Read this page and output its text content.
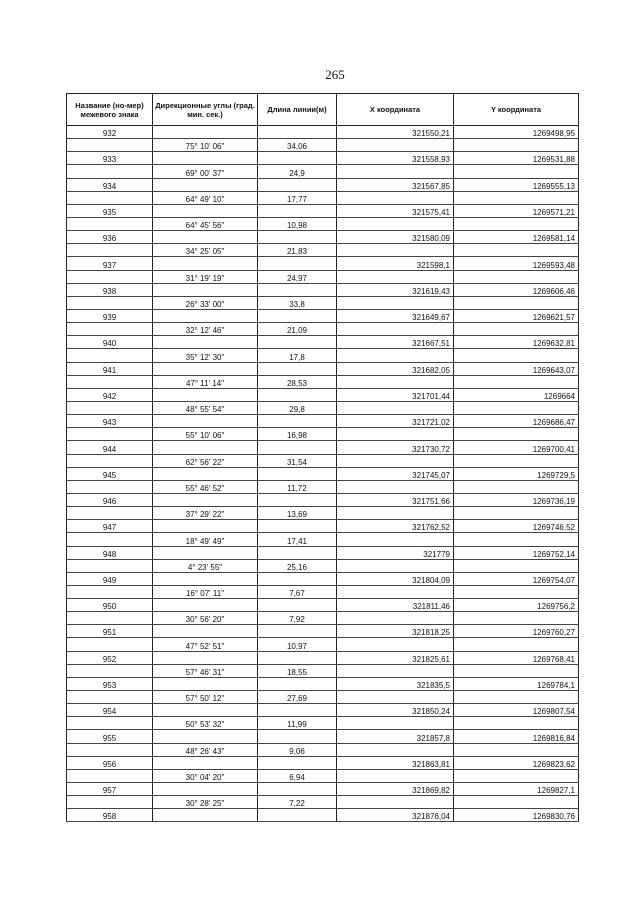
265
Название (но-мер) межевого знака	Дирекционные углы (град. мин. сек.)	Длина линии(м)	X координата	Y координата
932			321550,21	1269498,95
	75° 10' 06"	34,06		
933			321558,93	1269531,88
	69° 00' 37"	24,9		
934			321567,85	1269555,13
	64° 49' 10"	17,77		
935			321575,41	1269571,21
	64° 45' 56"	10,98		
936			321580,09	1269581,14
	34° 25' 05"	21,83		
937			321598,1	1269593,48
	31° 19' 19"	24,97		
938			321619,43	1269606,46
	26° 33' 00"	33,8		
939			321649,67	1269621,57
	32° 12' 46"	21,09		
940			321667,51	1269632,81
	35° 12' 30"	17,8		
941			321682,05	1269643,07
	47° 11' 14"	28,53		
942			321701,44	1269664
	48° 55' 54"	29,8		
943			321721,02	1269686,47
	55° 10' 06"	16,98		
944			321730,72	1269700,41
	62° 56' 22"	31,54		
945			321745,07	1269729,5
	55° 46' 52"	11,72		
946			321751,66	1269736,19
	37° 29' 22"	13,69		
947			321762,52	1269746,52
	18° 49' 49"	17,41		
948			321779	1269752,14
	4° 23' 55"	25,16		
949			321804,09	1269754,07
	16° 07' 11"	7,67		
950			321811,46	1269756,2
	30° 56' 20"	7,92		
951			321818,25	1269760,27
	47° 52' 51"	10,97		
952			321825,61	1269768,41
	57° 46' 31"	18,55		
953			321835,5	1269784,1
	57° 50' 12"	27,69		
954			321850,24	1269807,54
	50° 53' 32"	11,99		
955			321857,8	1269816,84
	48° 26' 43"	9,06		
956			321863,81	1269823,62
	30° 04' 20"	6,94		
957			321869,82	1269827,1
	30° 28' 25"	7,22		
958			321876,04	1269830,76
